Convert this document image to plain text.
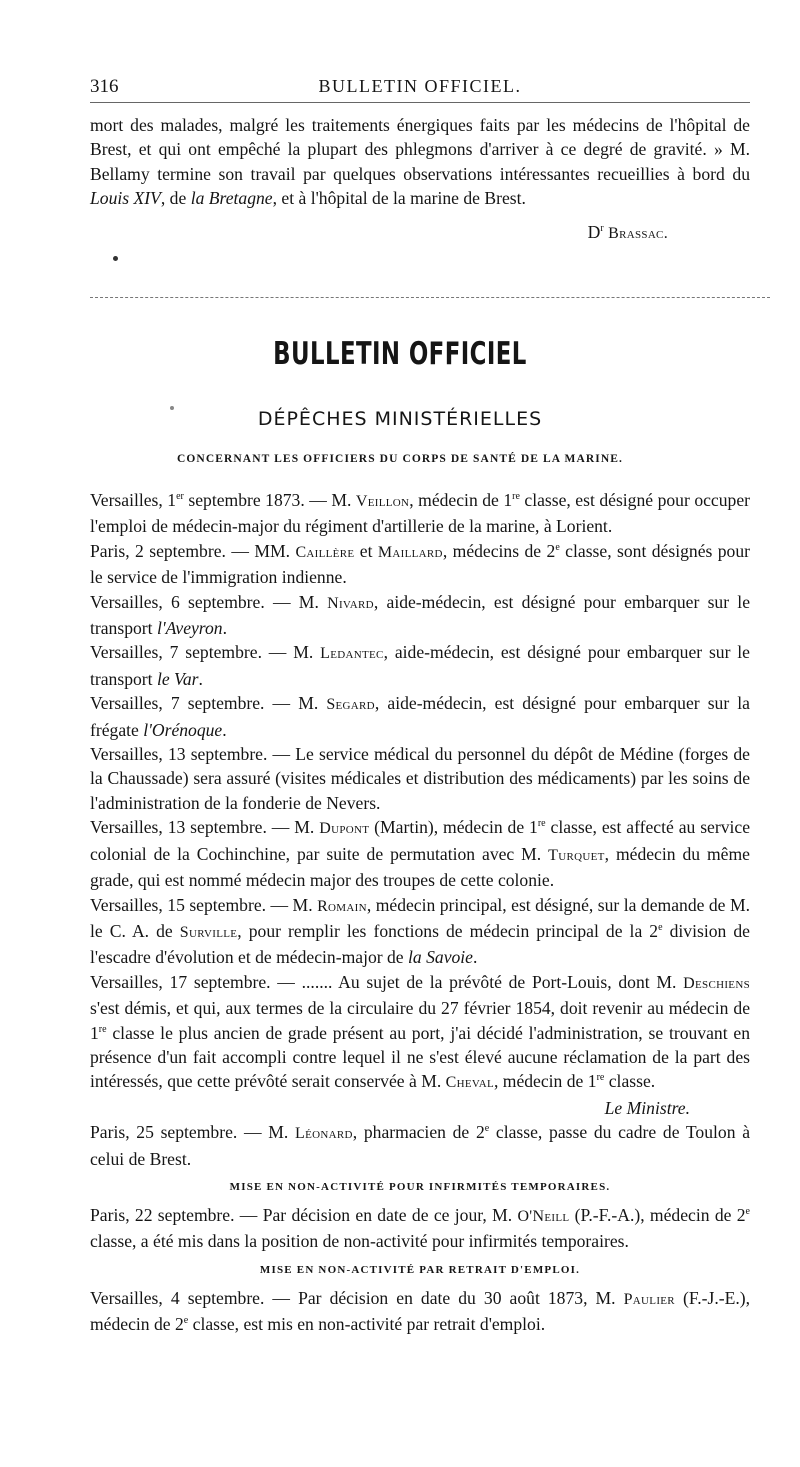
316	BULLETIN OFFICIEL.

mort des malades, malgré les traitements énergiques faits par les médecins de l'hôpital de Brest, et qui ont empêché la plupart des phlegmons d'arriver à ce degré de gravité. » M. Bellamy termine son travail par quelques observations intéressantes recueillies à bord du Louis XIV, de la Bretagne, et à l'hôpital de la marine de Brest.

$D^r$ Brassac.
BULLETIN OFFICIEL
DÉPÊCHES MINISTÉRIELLES
CONCERNANT LES OFFICIERS DU CORPS DE SANTÉ DE LA MARINE.

Versailles, 1er septembre 1873. — M. Veillon, médecin de 1re classe, est désigné pour occuper l'emploi de médecin-major du régiment d'artillerie de la marine, à Lorient.

Paris, 2 septembre. — MM. Caillère et Maillard, médecins de 2e classe, sont désignés pour le service de l'immigration indienne.

Versailles, 6 septembre. — M. Nivard, aide-médecin, est désigné pour embarquer sur le transport l'Aveyron.

Versailles, 7 septembre. — M. Ledantec, aide-médecin, est désigné pour embarquer sur le transport le Var.

Versailles, 7 septembre. — M. Segard, aide-médecin, est désigné pour embarquer sur la frégate l'Orénoque.

Versailles, 13 septembre. — Le service médical du personnel du dépôt de Médine (forges de la Chaussade) sera assuré (visites médicales et distribution des médicaments) par les soins de l'administration de la fonderie de Nevers.

Versailles, 13 septembre. — M. Dupont (Martin), médecin de 1re classe, est affecté au service colonial de la Cochinchine, par suite de permutation avec M. Turquet, médecin du même grade, qui est nommé médecin major des troupes de cette colonie.

Versailles, 15 septembre. — M. Romain, médecin principal, est désigné, sur la demande de M. le C. A. de Surville, pour remplir les fonctions de médecin principal de la 2e division de l'escadre d'évolution et de médecin-major de la Savoie.

Versailles, 17 septembre. — ....... Au sujet de la prévôté de Port-Louis, dont M. Deschiens s'est démis, et qui, aux termes de la circulaire du 27 février 1854, doit revenir au médecin de 1re classe le plus ancien de grade présent au port, j'ai décidé l'administration, se trouvant en présence d'un fait accompli contre lequel il ne s'est élevé aucune réclamation de la part des intéressés, que cette prévôté serait conservée à M. Cheval, médecin de 1re classe.

Le Ministre.

Paris, 25 septembre. — M. Léonard, pharmacien de 2e classe, passe du cadre de Toulon à celui de Brest.

MISE EN NON-ACTIVITÉ POUR INFIRMITÉS TEMPORAIRES.

Paris, 22 septembre. — Par décision en date de ce jour, M. O'Neill (P.-F.-A.), médecin de 2e classe, a été mis dans la position de non-activité pour infirmités temporaires.

MISE EN NON-ACTIVITÉ PAR RETRAIT D'EMPLOI.

Versailles, 4 septembre. — Par décision en date du 30 août 1873, M. Paulier (F.-J.-E.), médecin de 2e classe, est mis en non-activité par retrait d'emploi.
